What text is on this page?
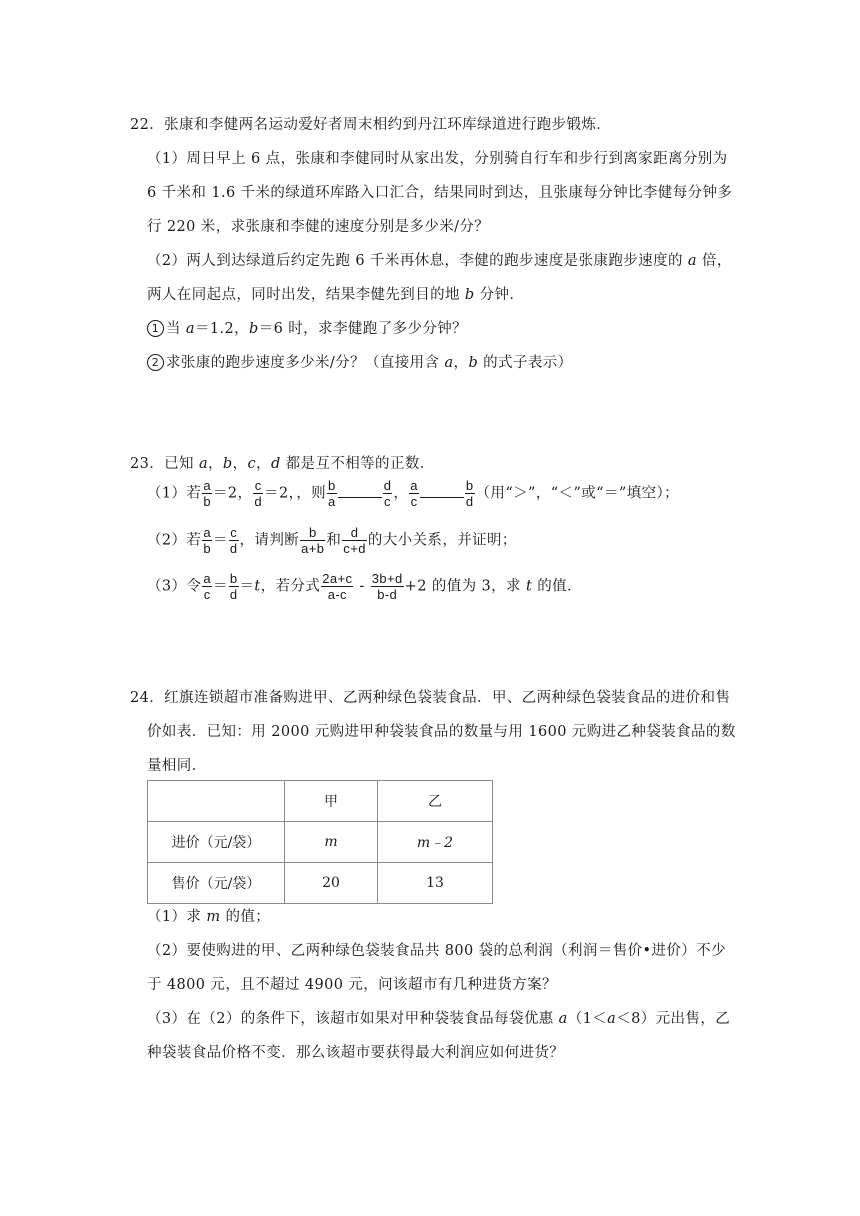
22．张康和李健两名运动爱好者周末相约到丹江环库绿道进行跑步锻炼．
（1）周日早上 6 点，张康和李健同时从家出发，分别骑自行车和步行到离家距离分别为
6 千米和 1.6 千米的绿道环库路入口汇合，结果同时到达，且张康每分钟比李健每分钟多
行 220 米，求张康和李健的速度分别是多少米/分？
（2）两人到达绿道后约定先跑 6 千米再休息，李健的跑步速度是张康跑步速度的 a 倍，
两人在同起点，同时出发，结果李健先到目的地 b 分钟．
1 当 a＝1.2，b＝6 时，求李健跑了多少分钟？
2 求张康的跑步速度多少米/分？（直接用含 a，b 的式子表示）
23．已知 a，b，c，d 都是互不相等的正数．
（1）若 $\frac{a}{b} =2$， $\frac{c}{d} =2$，，则 $\frac{b}{a}$	$\frac{d}{c}$ ， $\frac{a}{c}$	$\frac{b}{d}$ （用“＞”，“＜”或“＝”填空）；
（2）若 $\frac{a}{b} = \frac{c}{d}$ ，请判断 $\frac{b}{a+b}$ 和 $\frac{d}{c+d}$ 的大小关系，并证明；
（3）令 $\frac{a}{c} = \frac{b}{d} =t$，若分式 $\frac{2a+c}{a-c} - \frac{3b+d}{b-d} +2$ 的值为 3，求 t 的值．
24．红旗连锁超市准备购进甲、乙两种绿色袋装食品．甲、乙两种绿色袋装食品的进价和售
价如表．已知：用 2000 元购进甲种袋装食品的数量与用 1600 元购进乙种袋装食品的数
量相同．
	甲	乙
进价（元/袋）	m	m﹣2
售价（元/袋）	20	13
（1）求 m 的值；
（2）要使购进的甲、乙两种绿色袋装食品共 800 袋的总利润（利润＝售价•进价）不少
于 4800 元，且不超过 4900 元，问该超市有几种进货方案？
（3）在（2）的条件下，该超市如果对甲种袋装食品每袋优惠 a（1＜a＜8）元出售，乙
种袋装食品价格不变．那么该超市要获得最大利润应如何进货？
